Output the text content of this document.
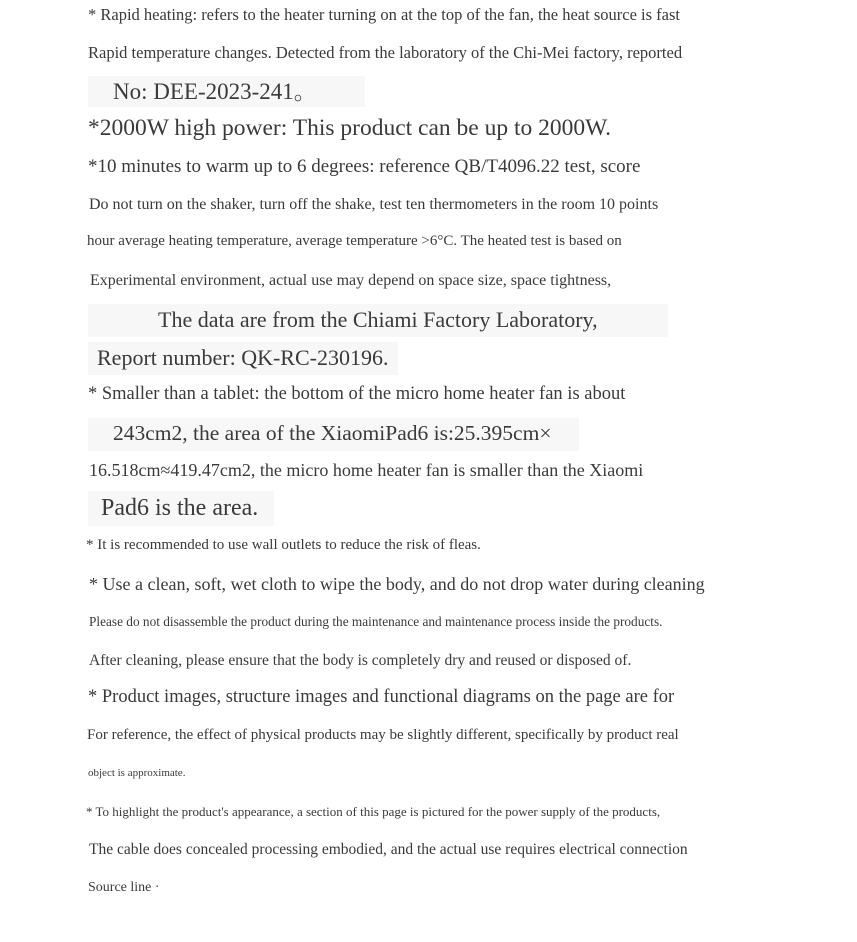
* Rapid heating: refers to the heater turning on at the top of the fan, the heat source is fast
Rapid temperature changes. Detected from the laboratory of the Chi-Mei factory, reported
No: DEE-2023-241。
*2000W high power: This product can be up to 2000W.
*10 minutes to warm up to 6 degrees: reference QB/T4096.22 test, score
Do not turn on the shaker, turn off the shake, test ten thermometers in the room 10 points
hour average heating temperature, average temperature >6°C. The heated test is based on
Experimental environment, actual use may depend on space size, space tightness,
The data are from the Chiami Factory Laboratory,
Report number: QK-RC-230196.
* Smaller than a tablet: the bottom of the micro home heater fan is about
243cm2, the area of the XiaomiPad6 is:25.395cm×
16.518cm≈419.47cm2, the micro home heater fan is smaller than the Xiaomi
Pad6 is the area.
* It is recommended to use wall outlets to reduce the risk of fleas.
* Use a clean, soft, wet cloth to wipe the body, and do not drop water during cleaning
Please do not disassemble the product during the maintenance and maintenance process inside the products.
After cleaning, please ensure that the body is completely dry and reused or disposed of.
* Product images, structure images and functional diagrams on the page are for
For reference, the effect of physical products may be slightly different, specifically by product real
object is approximate.
* To highlight the product's appearance, a section of this page is pictured for the power supply of the products,
The cable does concealed processing embodied, and the actual use requires electrical connection
Source line ·
